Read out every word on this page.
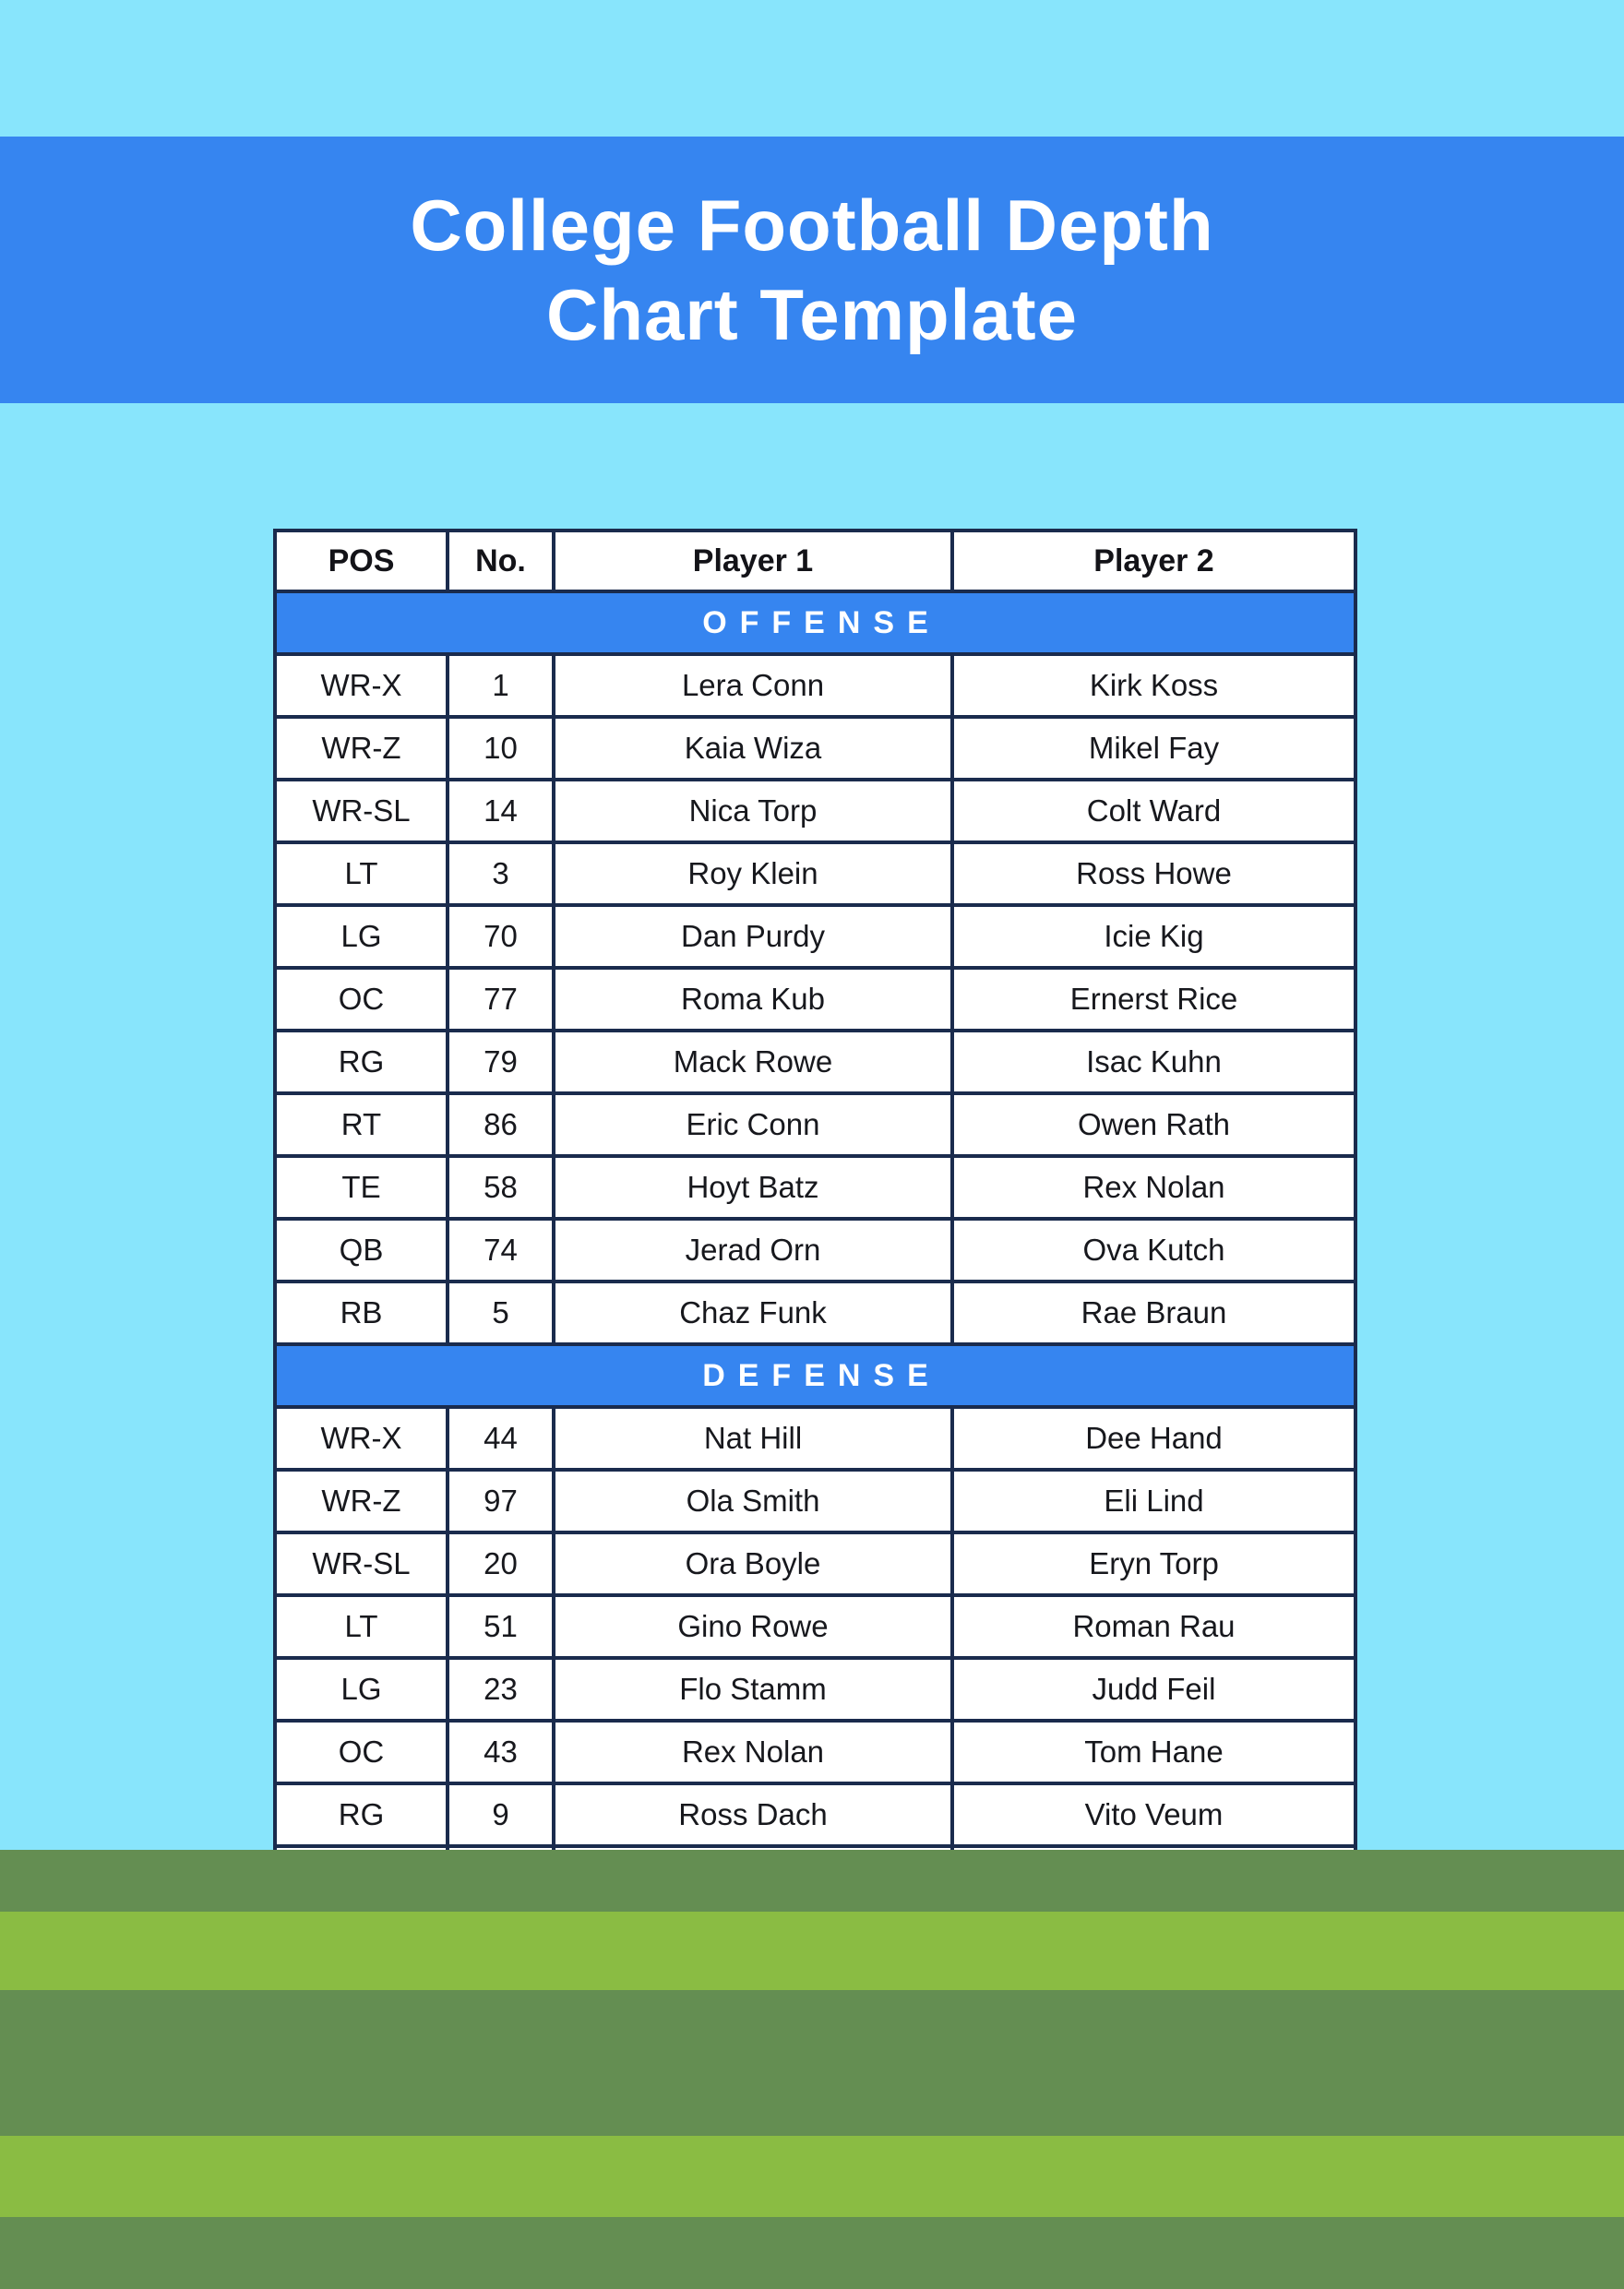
College Football Depth
Chart Template
POS	No.	Player 1	Player 2
OFFENSE			
WR-X	1	Lera Conn	Kirk Koss
WR-Z	10	Kaia Wiza	Mikel Fay
WR-SL	14	Nica Torp	Colt Ward
LT	3	Roy Klein	Ross Howe
LG	70	Dan Purdy	Icie Kig
OC	77	Roma Kub	Ernerst Rice
RG	79	Mack Rowe	Isac Kuhn
RT	86	Eric Conn	Owen Rath
TE	58	Hoyt Batz	Rex Nolan
QB	74	Jerad Orn	Ova Kutch
RB	5	Chaz Funk	Rae Braun
DEFENSE			
WR-X	44	Nat Hill	Dee Hand
WR-Z	97	Ola Smith	Eli Lind
WR-SL	20	Ora Boyle	Eryn Torp
LT	51	Gino Rowe	Roman Rau
LG	23	Flo Stamm	Judd Feil
OC	43	Rex Nolan	Tom Hane
RG	9	Ross Dach	Vito Veum
